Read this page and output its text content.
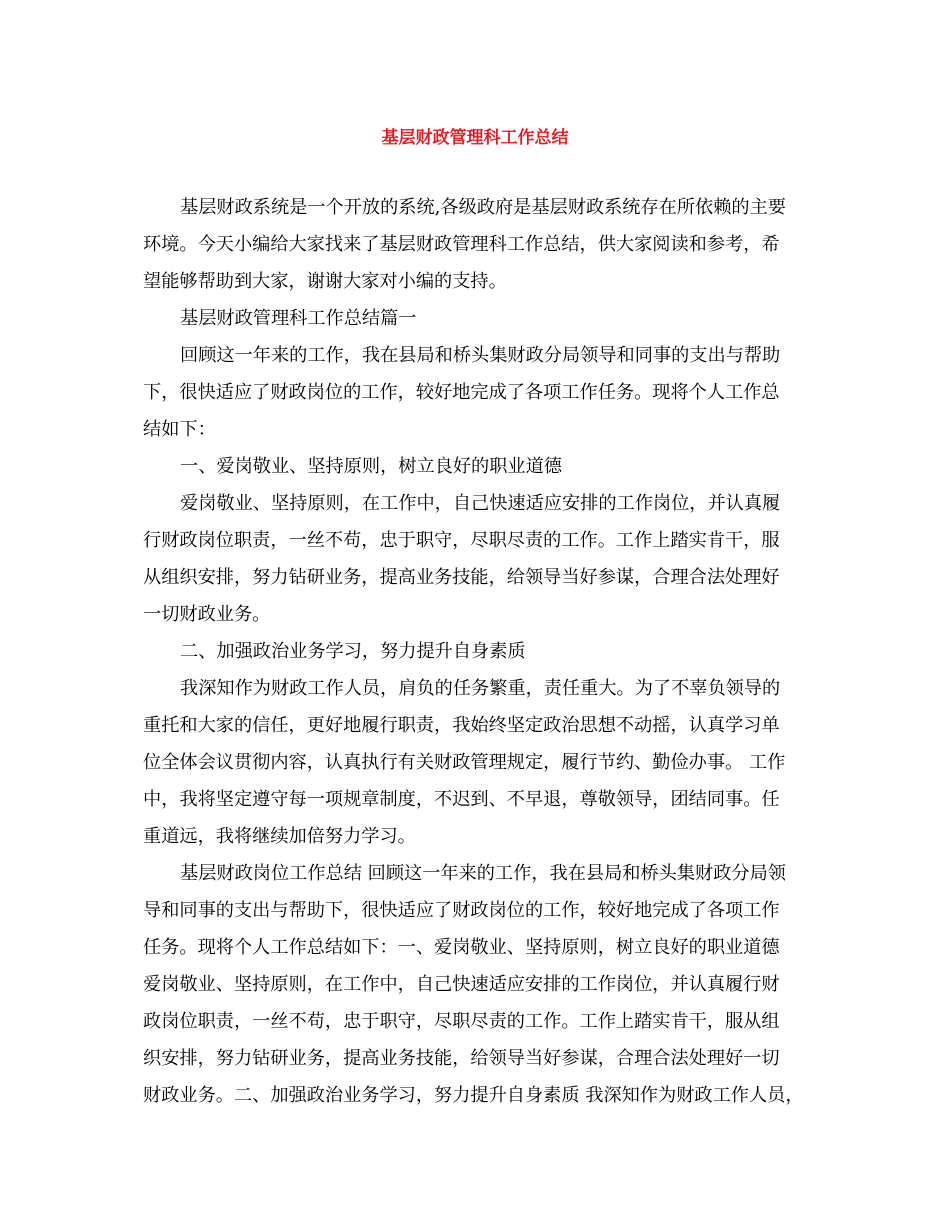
基层财政管理科工作总结
基层财政系统是一个开放的系统,各级政府是基层财政系统存在所依赖的主要
环境。今天小编给大家找来了基层财政管理科工作总结，供大家阅读和参考，希
望能够帮助到大家，谢谢大家对小编的支持。
基层财政管理科工作总结篇一
回顾这一年来的工作，我在县局和桥头集财政分局领导和同事的支出与帮助
下，很快适应了财政岗位的工作，较好地完成了各项工作任务。现将个人工作总
结如下：
一、爱岗敬业、坚持原则，树立良好的职业道德
爱岗敬业、坚持原则，在工作中，自己快速适应安排的工作岗位，并认真履
行财政岗位职责，一丝不苟，忠于职守，尽职尽责的工作。工作上踏实肯干，服
从组织安排，努力钻研业务，提高业务技能，给领导当好参谋，合理合法处理好
一切财政业务。
二、加强政治业务学习，努力提升自身素质
我深知作为财政工作人员，肩负的任务繁重，责任重大。为了不辜负领导的
重托和大家的信任，更好地履行职责，我始终坚定政治思想不动摇，认真学习单
位全体会议贯彻内容，认真执行有关财政管理规定，履行节约、勤俭办事。 工作
中，我将坚定遵守每一项规章制度，不迟到、不早退，尊敬领导，团结同事。任
重道远，我将继续加倍努力学习。
基层财政岗位工作总结 回顾这一年来的工作，我在县局和桥头集财政分局领
导和同事的支出与帮助下，很快适应了财政岗位的工作，较好地完成了各项工作
任务。现将个人工作总结如下：一、爱岗敬业、坚持原则，树立良好的职业道德
爱岗敬业、坚持原则，在工作中，自己快速适应安排的工作岗位，并认真履行财
政岗位职责，一丝不苟，忠于职守，尽职尽责的工作。工作上踏实肯干，服从组
织安排，努力钻研业务，提高业务技能，给领导当好参谋，合理合法处理好一切
财政业务。二、加强政治业务学习，努力提升自身素质 我深知作为财政工作人员，
